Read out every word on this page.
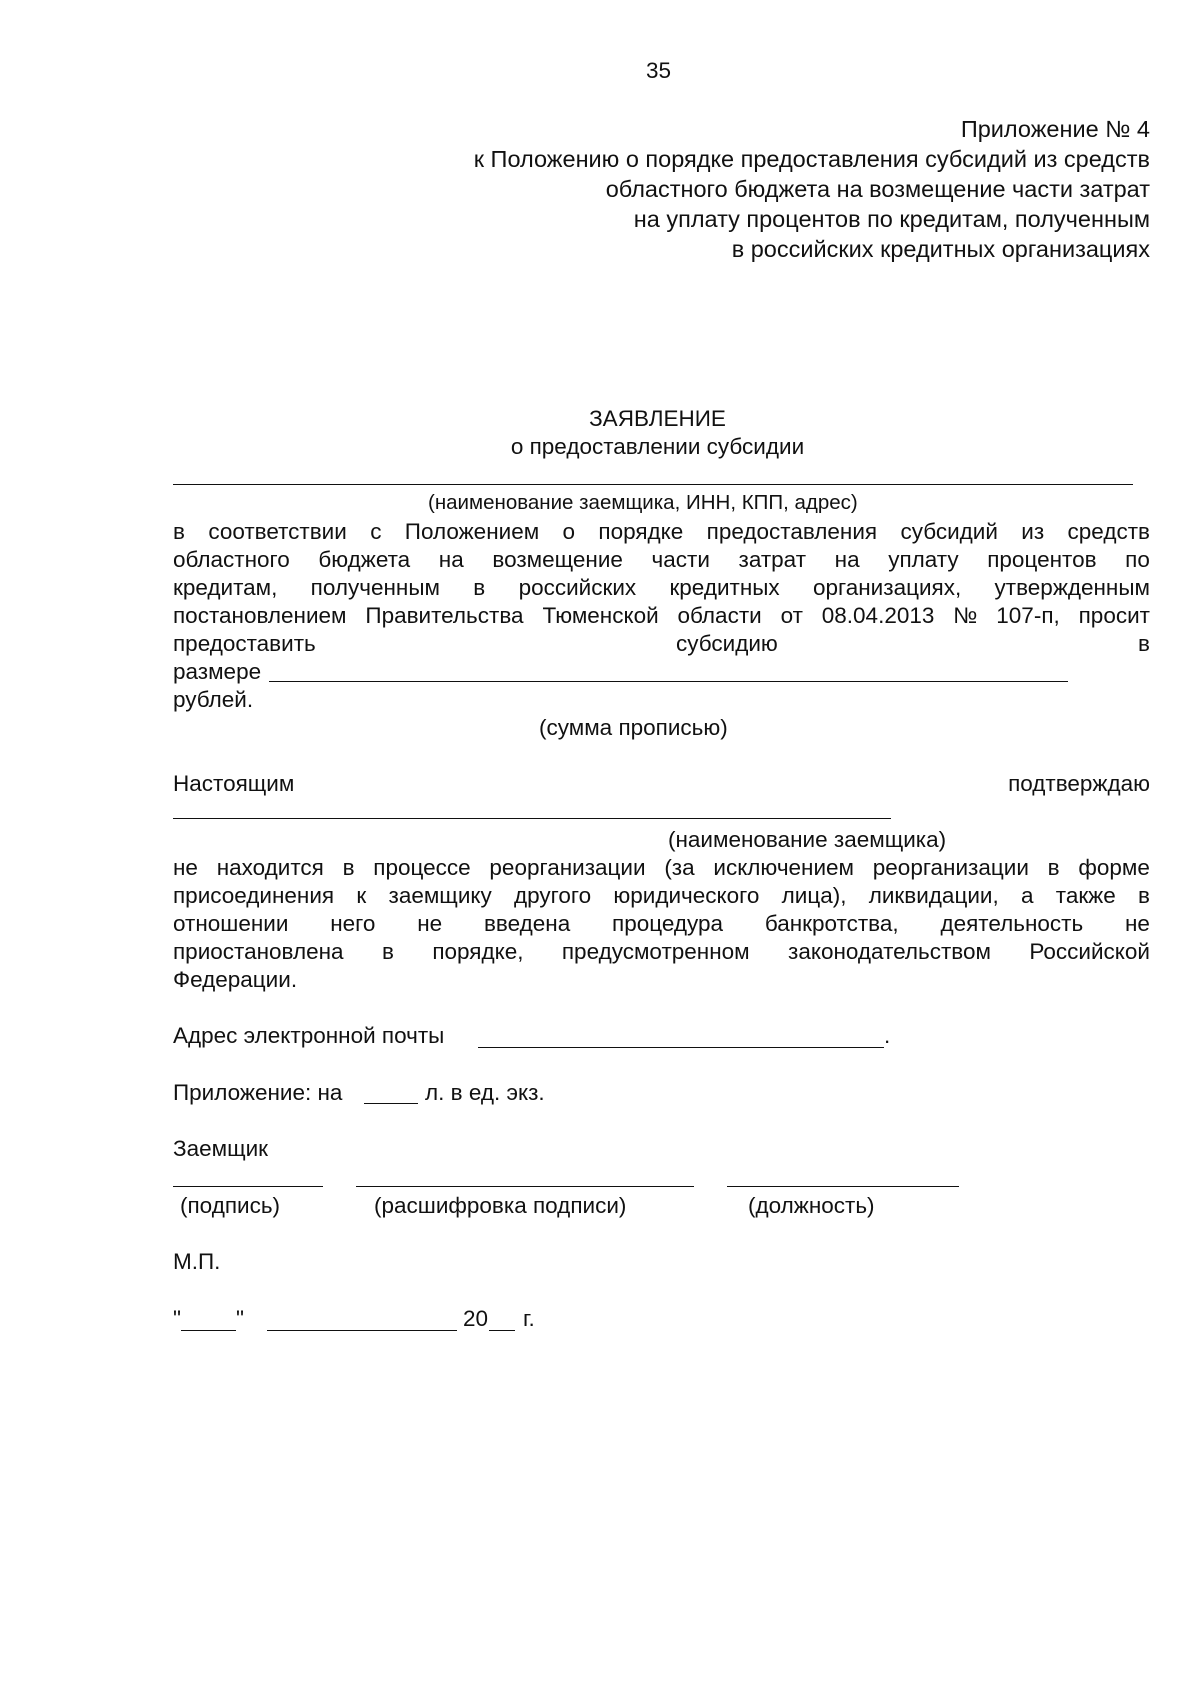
35
Приложение № 4
к Положению о порядке предоставления субсидий из средств
областного бюджета на возмещение части затрат
на уплату процентов по кредитам, полученным
в российских кредитных организациях
ЗАЯВЛЕНИЕ
о предоставлении субсидии
(наименование заемщика, ИНН, КПП, адрес)
в соответствии с Положением о порядке предоставления субсидий из средств
областного бюджета на возмещение части затрат на уплату процентов по
кредитам, полученным в российских кредитных организациях, утвержденным
постановлением Правительства Тюменской области от 08.04.2013 № 107-п, просит
предоставить	субсидию	в
размере
рублей.
(сумма прописью)
Настоящим	подтверждаю
(наименование заемщика)
не находится в процессе реорганизации (за исключением реорганизации в форме
присоединения к заемщику другого юридического лица), ликвидации, а также в
отношении него не введена процедура банкротства, деятельность не
приостановлена в порядке, предусмотренном законодательством Российской
Федерации.
Адрес электронной почты	.
Приложение: на	л. в ед. экз.
Заемщик
(подпись)	(расшифровка подписи)	(должность)
М.П.
" "	20 г.
